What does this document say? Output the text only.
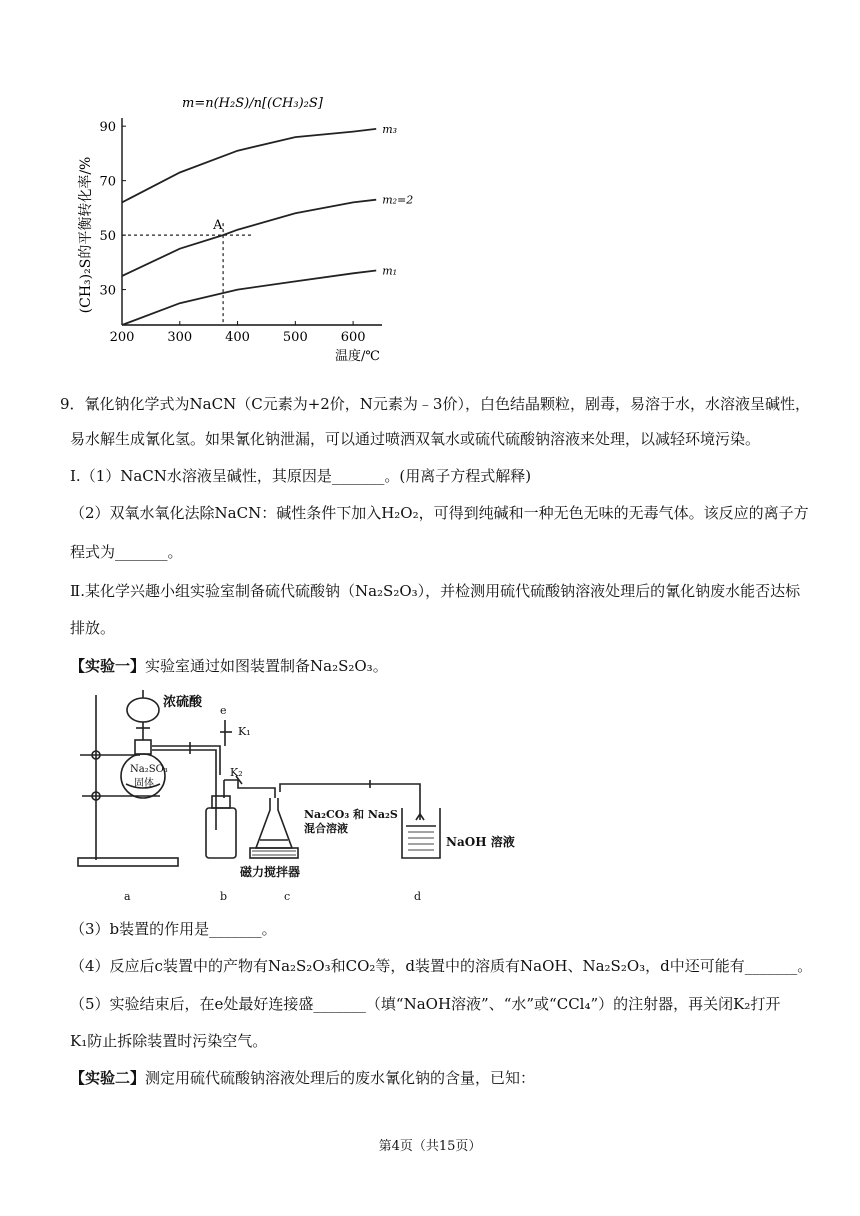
m=n(H₂S)/n[(CH₃)₂S]
(CH₃)₂S的平衡转化率/%
温度/℃
200	300	400	500	600
30
50
70
90	m₃
m₂=2
m₁
A
9．氰化钠化学式为NaCN（C元素为+2价，N元素为﹣3价），白色结晶颗粒，剧毒，易溶于水，水溶液呈碱性，
易水解生成氰化氢。如果氰化钠泄漏，可以通过喷洒双氧水或硫代硫酸钠溶液来处理，以减轻环境污染。
Ⅰ.（1）NaCN水溶液呈碱性，其原因是_______。(用离子方程式解释)
（2）双氧水氧化法除NaCN：碱性条件下加入H₂O₂，可得到纯碱和一种无色无味的无毒气体。该反应的离子方
程式为_______。
Ⅱ.某化学兴趣小组实验室制备硫代硫酸钠（Na₂S₂O₃），并检测用硫代硫酸钠溶液处理后的氰化钠废水能否达标
排放。
【实验一】实验室通过如图装置制备Na₂S₂O₃。
浓硫酸
e
K₁
K₂
Na₂SO₃
固体
Na₂CO₃ 和 Na₂S
混合溶液
NaOH 溶液
磁力搅拌器
a	b	c	d
（3）b装置的作用是_______。
（4）反应后c装置中的产物有Na₂S₂O₃和CO₂等，d装置中的溶质有NaOH、Na₂S₂O₃，d中还可能有_______。
（5）实验结束后，在e处最好连接盛_______（填“NaOH溶液”、“水”或“CCl₄”）的注射器，再关闭K₂打开
K₁防止拆除装置时污染空气。
【实验二】测定用硫代硫酸钠溶液处理后的废水氰化钠的含量，已知：
第4页（共15页）
